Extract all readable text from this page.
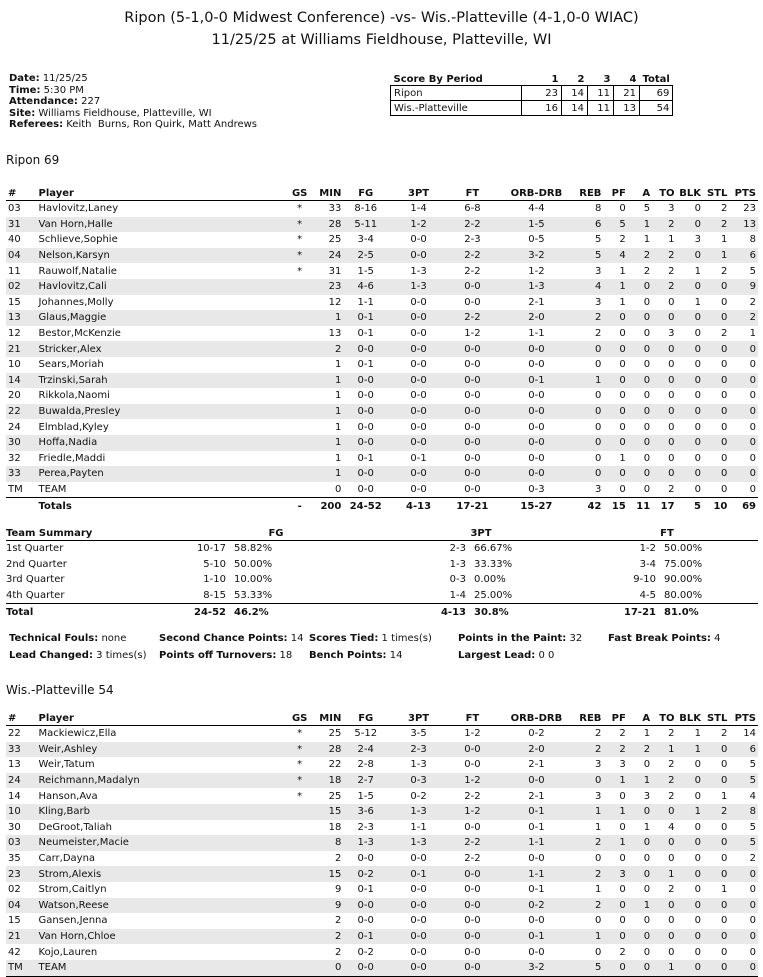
Ripon (5-1,0-0 Midwest Conference) -vs- Wis.-Platteville (4-1,0-0 WIAC)
11/25/25 at Williams Fieldhouse, Platteville, WI
Date: 11/25/25
Time: 5:30 PM
Attendance: 227
Site: Williams Fieldhouse, Platteville, WI
Referees: Keith  Burns, Ron Quirk, Matt Andrews
Score By Period	1	2	3	4	Total
Ripon	23	14	11	21	69
Wis.-Platteville	16	14	11	13	54
Ripon 69
#	Player	GS	MIN	FG	3PT	FT	ORB-DRB	REB	PF	A	TO	BLK	STL	PTS
03	Havlovitz,Laney	*	33	8-16	1-4	6-8	4-4	8	0	5	3	0	2	23
31	Van Horn,Halle	*	28	5-11	1-2	2-2	1-5	6	5	1	2	0	2	13
40	Schlieve,Sophie	*	25	3-4	0-0	2-3	0-5	5	2	1	1	3	1	8
04	Nelson,Karsyn	*	24	2-5	0-0	2-2	3-2	5	4	2	2	0	1	6
11	Rauwolf,Natalie	*	31	1-5	1-3	2-2	1-2	3	1	2	2	1	2	5
02	Havlovitz,Cali		23	4-6	1-3	0-0	1-3	4	1	0	2	0	0	9
15	Johannes,Molly		12	1-1	0-0	0-0	2-1	3	1	0	0	1	0	2
13	Glaus,Maggie		1	0-1	0-0	2-2	2-0	2	0	0	0	0	0	2
12	Bestor,McKenzie		13	0-1	0-0	1-2	1-1	2	0	0	3	0	2	1
21	Stricker,Alex		2	0-0	0-0	0-0	0-0	0	0	0	0	0	0	0
10	Sears,Moriah		1	0-1	0-0	0-0	0-0	0	0	0	0	0	0	0
14	Trzinski,Sarah		1	0-0	0-0	0-0	0-1	1	0	0	0	0	0	0
20	Rikkola,Naomi		1	0-0	0-0	0-0	0-0	0	0	0	0	0	0	0
22	Buwalda,Presley		1	0-0	0-0	0-0	0-0	0	0	0	0	0	0	0
24	Elmblad,Kyley		1	0-0	0-0	0-0	0-0	0	0	0	0	0	0	0
30	Hoffa,Nadia		1	0-0	0-0	0-0	0-0	0	0	0	0	0	0	0
32	Friedle,Maddi		1	0-1	0-1	0-0	0-0	0	1	0	0	0	0	0
33	Perea,Payten		1	0-0	0-0	0-0	0-0	0	0	0	0	0	0	0
TM	TEAM		0	0-0	0-0	0-0	0-3	3	0	0	2	0	0	0
	Totals	-	200	24-52	4-13	17-21	15-27	42	15	11	17	5	10	69
Team Summary	FG	3PT	FT
1st Quarter	10-17 58.82%	2-3 66.67%	1-2 50.00%
2nd Quarter	5-10 50.00%	1-3 33.33%	3-4 75.00%
3rd Quarter	1-10 10.00%	0-3 0.00%	9-10 90.00%
4th Quarter	8-15 53.33%	1-4 25.00%	4-5 80.00%
Total	24-52 46.2%	4-13 30.8%	17-21 81.0%
Technical Fouls: none	Second Chance Points: 14 Scores Tied: 1 times(s)	Points in the Paint: 32	Fast Break Points: 4
Lead Changed: 3 times(s) Points off Turnovers: 18 Bench Points: 14	Largest Lead: 0 0
Wis.-Platteville 54
#	Player	GS	MIN	FG	3PT	FT	ORB-DRB	REB	PF	A	TO	BLK	STL	PTS
22	Mackiewicz,Ella	*	25	5-12	3-5	1-2	0-2	2	2	1	2	1	2	14
33	Weir,Ashley	*	28	2-4	2-3	0-0	2-0	2	2	2	1	1	0	6
13	Weir,Tatum	*	22	2-8	1-3	0-0	2-1	3	3	0	2	0	0	5
24	Reichmann,Madalyn	*	18	2-7	0-3	1-2	0-0	0	1	1	2	0	0	5
14	Hanson,Ava	*	25	1-5	0-2	2-2	2-1	3	0	3	2	0	1	4
10	Kling,Barb		15	3-6	1-3	1-2	0-1	1	1	0	0	1	2	8
30	DeGroot,Taliah		18	2-3	1-1	0-0	0-1	1	0	1	4	0	0	5
03	Neumeister,Macie		8	1-3	1-3	2-2	1-1	2	1	0	0	0	0	5
35	Carr,Dayna		2	0-0	0-0	2-2	0-0	0	0	0	0	0	0	2
23	Strom,Alexis		15	0-2	0-1	0-0	1-1	2	3	0	1	0	0	0
02	Strom,Caitlyn		9	0-1	0-0	0-0	0-1	1	0	0	2	0	1	0
04	Watson,Reese		9	0-0	0-0	0-0	0-2	2	0	1	0	0	0	0
15	Gansen,Jenna		2	0-0	0-0	0-0	0-0	0	0	0	0	0	0	0
21	Van Horn,Chloe		2	0-1	0-0	0-0	0-1	1	0	0	0	0	0	0
42	Kojo,Lauren		2	0-2	0-0	0-0	0-0	0	2	0	0	0	0	0
TM	TEAM		0	0-0	0-0	0-0	3-2	5	0	0	1	0	0	0
